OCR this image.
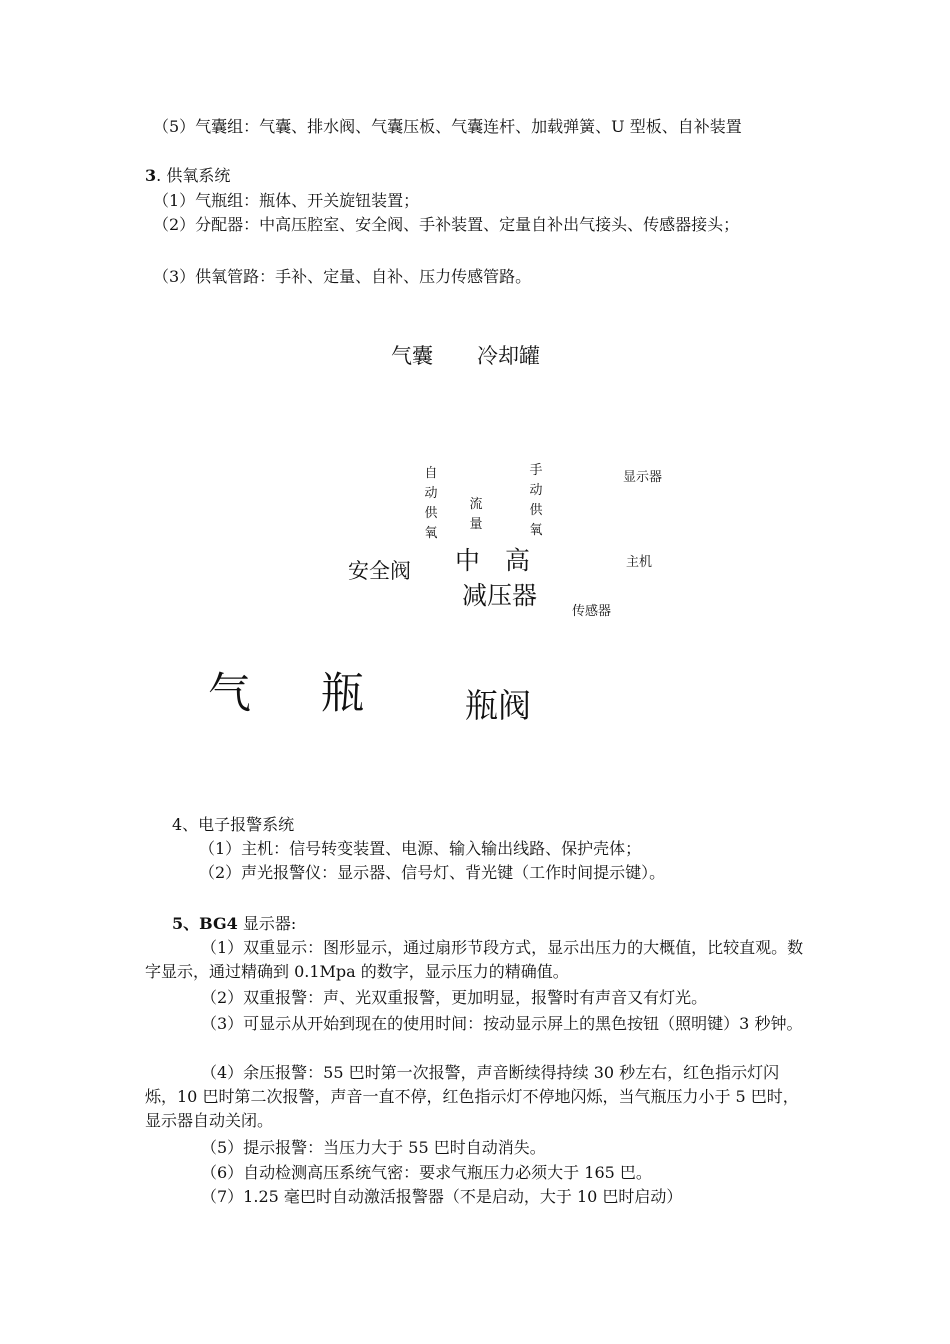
（5）气囊组：气囊、排水阀、气囊压板、气囊连杆、加载弹簧、U 型板、自补装置

3. 供氧系统

（1）气瓶组：瓶体、开关旋钮装置；

（2）分配器：中高压腔室、安全阀、手补装置、定量自补出气接头、传感器接头；

（3）供氧管路：手补、定量、自补、压力传感管路。

气囊 冷却罐
自
动
供
氧
流
量
手
动
供
氧
显示器
安全阀 中　高	主机
减压器
传感器
气 瓶	瓶阀

4、电子报警系统

（1）主机：信号转变装置、电源、输入输出线路、保护壳体；

（2）声光报警仪：显示器、信号灯、背光键（工作时间提示键）。

5、BG4 显示器:

（1）双重显示：图形显示，通过扇形节段方式，显示出压力的大概值，比较直观。数字显示，通过精确到 0.1Mpa 的数字，显示压力的精确值。

（2）双重报警：声、光双重报警，更加明显，报警时有声音又有灯光。

（3）可显示从开始到现在的使用时间：按动显示屏上的黑色按钮（照明键）3 秒钟。

（4）余压报警：55 巴时第一次报警，声音断续得持续 30 秒左右，红色指示灯闪烁，10 巴时第二次报警，声音一直不停，红色指示灯不停地闪烁，当气瓶压力小于 5 巴时，显示器自动关闭。

（5）提示报警：当压力大于 55 巴时自动消失。

（6）自动检测高压系统气密：要求气瓶压力必须大于 165 巴。

（7）1.25 毫巴时自动激活报警器（不是启动，大于 10 巴时启动）
